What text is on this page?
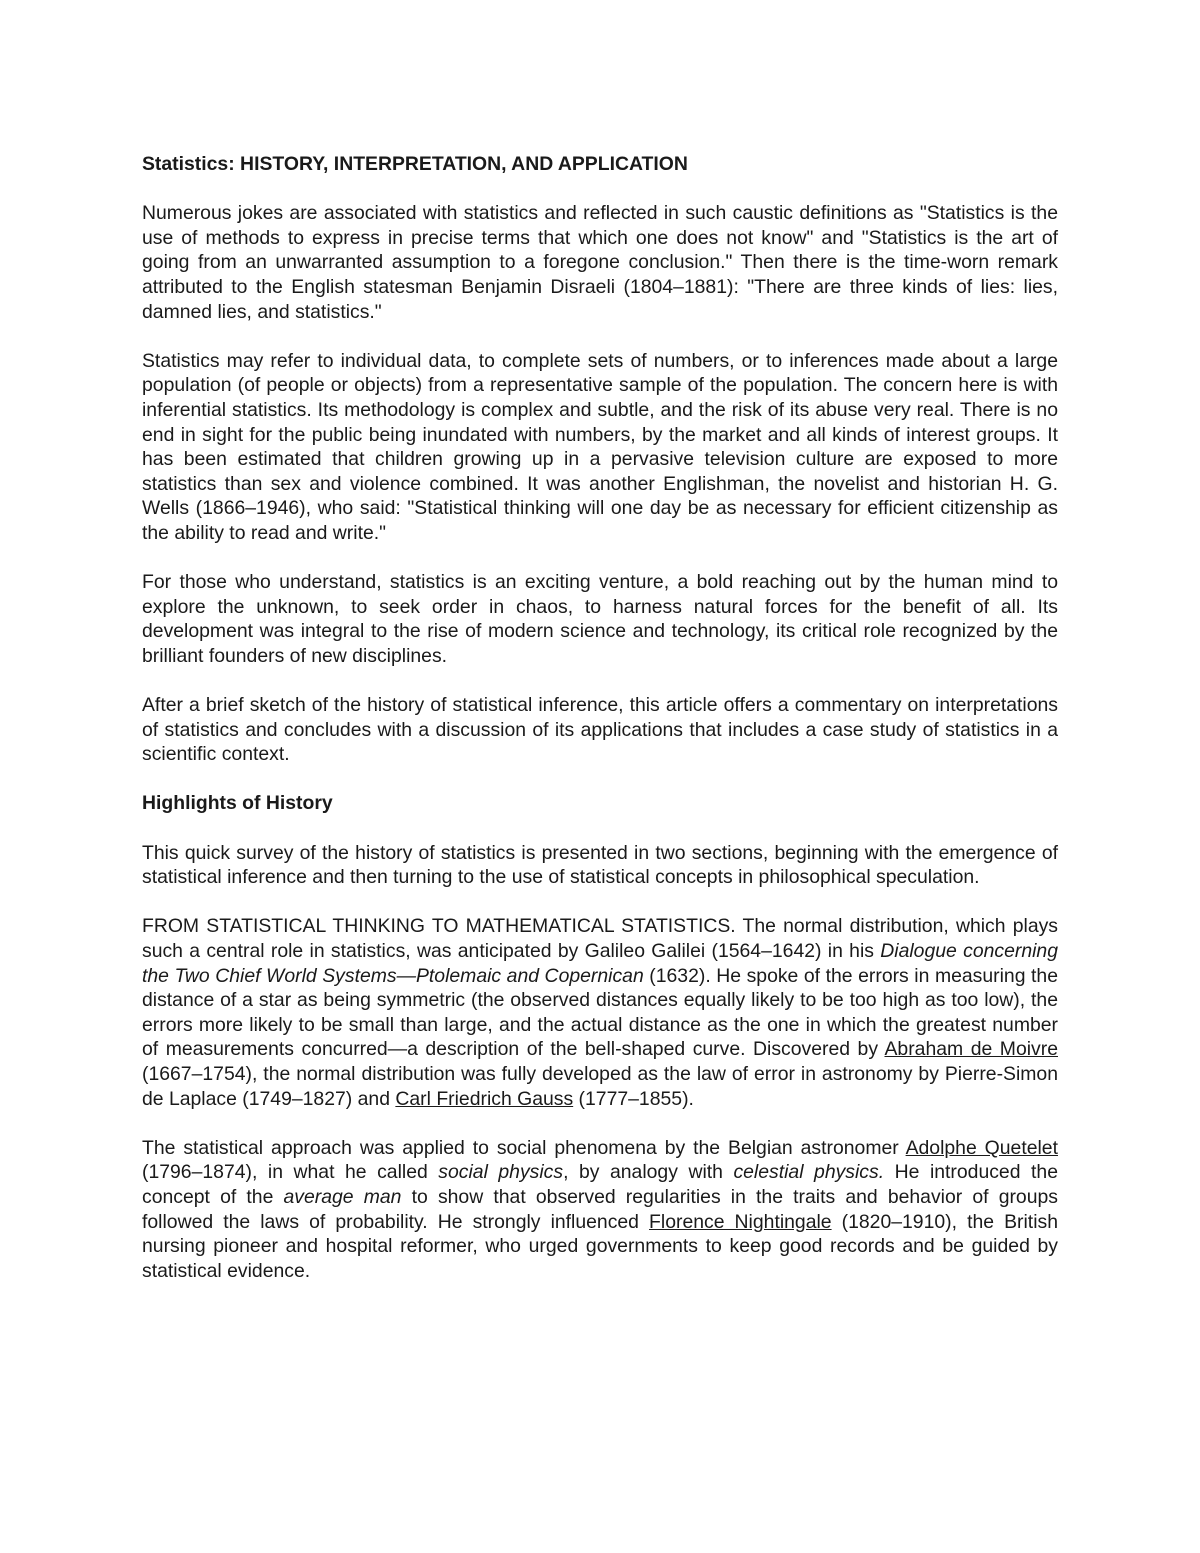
Statistics: HISTORY, INTERPRETATION, AND APPLICATION

Numerous jokes are associated with statistics and reflected in such caustic definitions as "Statistics is the use of methods to express in precise terms that which one does not know" and "Statistics is the art of going from an unwarranted assumption to a foregone conclusion." Then there is the time-worn remark attributed to the English statesman Benjamin Disraeli (1804–1881): "There are three kinds of lies: lies, damned lies, and statistics."

Statistics may refer to individual data, to complete sets of numbers, or to inferences made about a large population (of people or objects) from a representative sample of the population. The concern here is with inferential statistics. Its methodology is complex and subtle, and the risk of its abuse very real. There is no end in sight for the public being inundated with numbers, by the market and all kinds of interest groups. It has been estimated that children growing up in a pervasive television culture are exposed to more statistics than sex and violence combined. It was another Englishman, the novelist and historian H. G. Wells (1866–1946), who said: "Statistical thinking will one day be as necessary for efficient citizenship as the ability to read and write."

For those who understand, statistics is an exciting venture, a bold reaching out by the human mind to explore the unknown, to seek order in chaos, to harness natural forces for the benefit of all. Its development was integral to the rise of modern science and technology, its critical role recognized by the brilliant founders of new disciplines.

After a brief sketch of the history of statistical inference, this article offers a commentary on interpretations of statistics and concludes with a discussion of its applications that includes a case study of statistics in a scientific context.

Highlights of History

This quick survey of the history of statistics is presented in two sections, beginning with the emergence of statistical inference and then turning to the use of statistical concepts in philosophical speculation.

FROM STATISTICAL THINKING TO MATHEMATICAL STATISTICS. The normal distribution, which plays such a central role in statistics, was anticipated by Galileo Galilei (1564–1642) in his Dialogue concerning the Two Chief World Systems—Ptolemaic and Copernican (1632). He spoke of the errors in measuring the distance of a star as being symmetric (the observed distances equally likely to be too high as too low), the errors more likely to be small than large, and the actual distance as the one in which the greatest number of measurements concurred—a description of the bell-shaped curve. Discovered by Abraham de Moivre (1667–1754), the normal distribution was fully developed as the law of error in astronomy by Pierre-Simon de Laplace (1749–1827) and Carl Friedrich Gauss (1777–1855).

The statistical approach was applied to social phenomena by the Belgian astronomer Adolphe Quetelet (1796–1874), in what he called social physics, by analogy with celestial physics. He introduced the concept of the average man to show that observed regularities in the traits and behavior of groups followed the laws of probability. He strongly influenced Florence Nightingale (1820–1910), the British nursing pioneer and hospital reformer, who urged governments to keep good records and be guided by statistical evidence.
